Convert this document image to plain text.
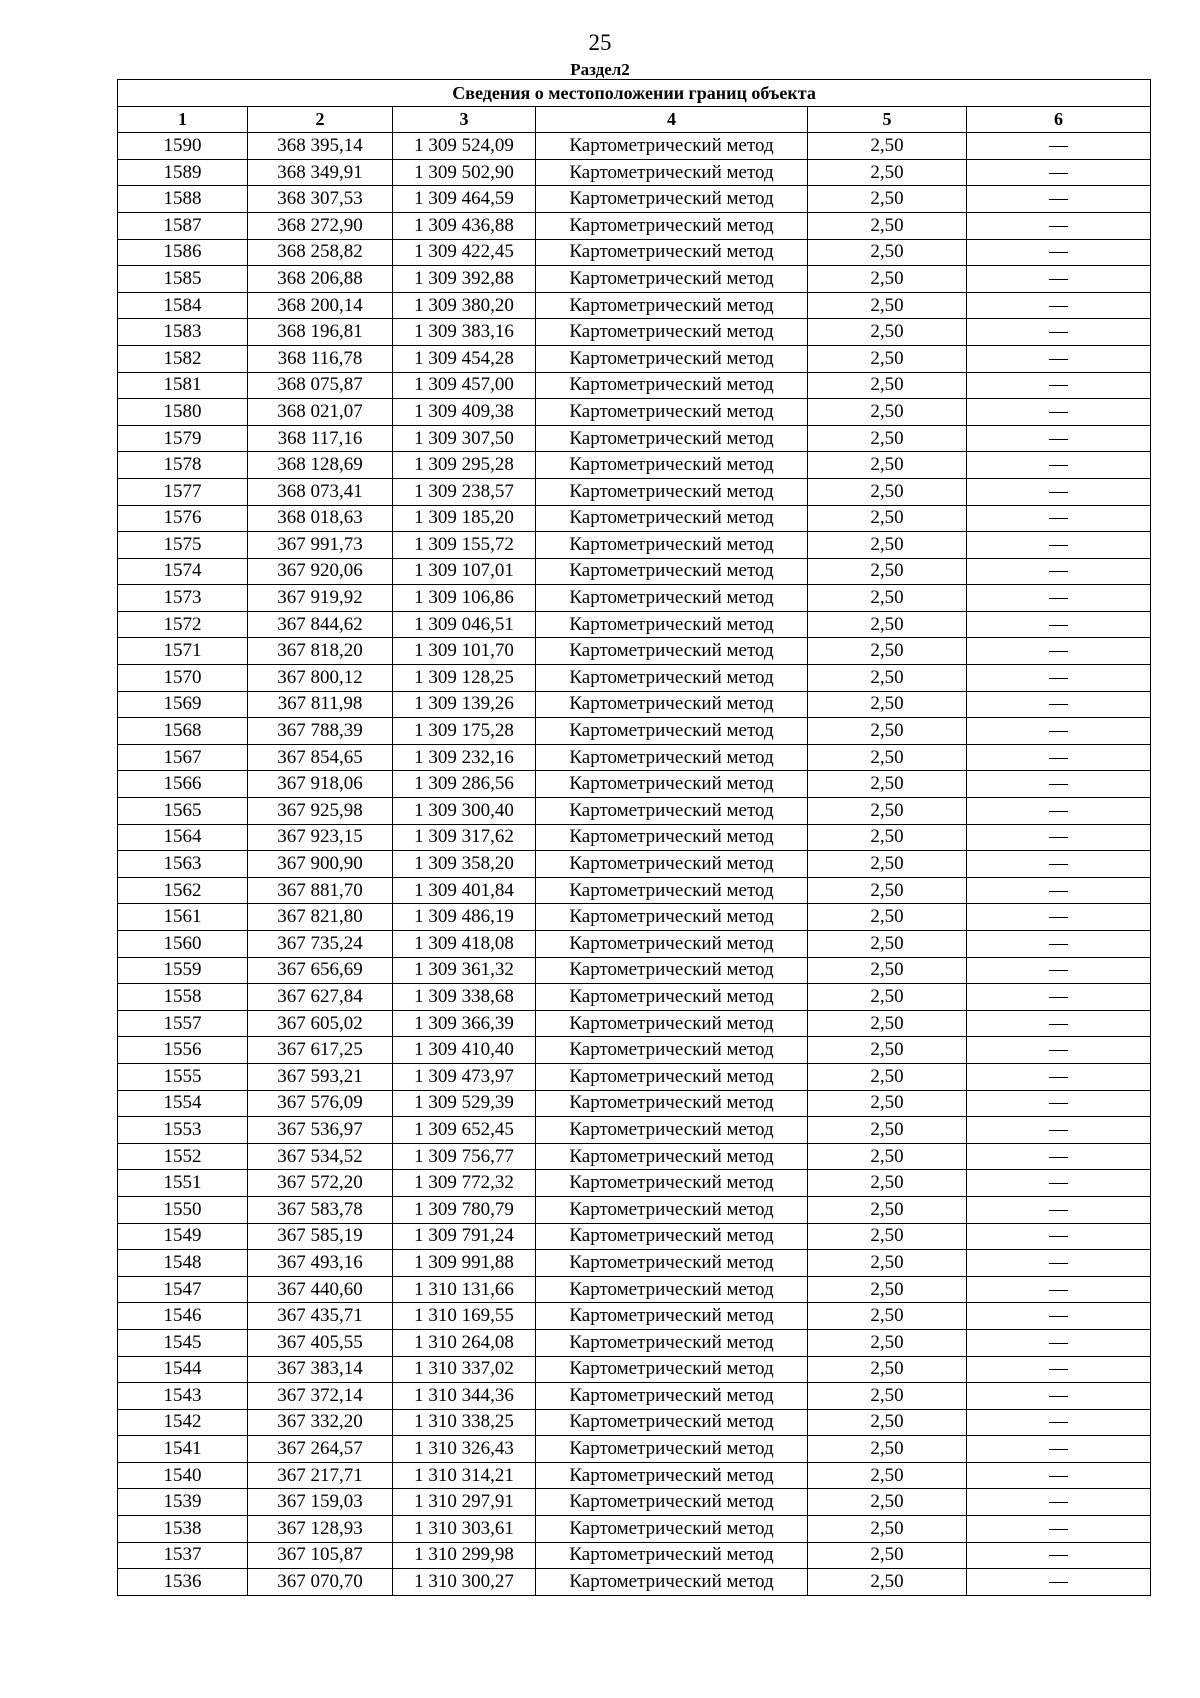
25
Раздел2
Сведения о местоположении границ объекта					
1	2	3	4	5	6
1590	368 395,14	1 309 524,09	Картометрический метод	2,50	—
1589	368 349,91	1 309 502,90	Картометрический метод	2,50	—
1588	368 307,53	1 309 464,59	Картометрический метод	2,50	—
1587	368 272,90	1 309 436,88	Картометрический метод	2,50	—
1586	368 258,82	1 309 422,45	Картометрический метод	2,50	—
1585	368 206,88	1 309 392,88	Картометрический метод	2,50	—
1584	368 200,14	1 309 380,20	Картометрический метод	2,50	—
1583	368 196,81	1 309 383,16	Картометрический метод	2,50	—
1582	368 116,78	1 309 454,28	Картометрический метод	2,50	—
1581	368 075,87	1 309 457,00	Картометрический метод	2,50	—
1580	368 021,07	1 309 409,38	Картометрический метод	2,50	—
1579	368 117,16	1 309 307,50	Картометрический метод	2,50	—
1578	368 128,69	1 309 295,28	Картометрический метод	2,50	—
1577	368 073,41	1 309 238,57	Картометрический метод	2,50	—
1576	368 018,63	1 309 185,20	Картометрический метод	2,50	—
1575	367 991,73	1 309 155,72	Картометрический метод	2,50	—
1574	367 920,06	1 309 107,01	Картометрический метод	2,50	—
1573	367 919,92	1 309 106,86	Картометрический метод	2,50	—
1572	367 844,62	1 309 046,51	Картометрический метод	2,50	—
1571	367 818,20	1 309 101,70	Картометрический метод	2,50	—
1570	367 800,12	1 309 128,25	Картометрический метод	2,50	—
1569	367 811,98	1 309 139,26	Картометрический метод	2,50	—
1568	367 788,39	1 309 175,28	Картометрический метод	2,50	—
1567	367 854,65	1 309 232,16	Картометрический метод	2,50	—
1566	367 918,06	1 309 286,56	Картометрический метод	2,50	—
1565	367 925,98	1 309 300,40	Картометрический метод	2,50	—
1564	367 923,15	1 309 317,62	Картометрический метод	2,50	—
1563	367 900,90	1 309 358,20	Картометрический метод	2,50	—
1562	367 881,70	1 309 401,84	Картометрический метод	2,50	—
1561	367 821,80	1 309 486,19	Картометрический метод	2,50	—
1560	367 735,24	1 309 418,08	Картометрический метод	2,50	—
1559	367 656,69	1 309 361,32	Картометрический метод	2,50	—
1558	367 627,84	1 309 338,68	Картометрический метод	2,50	—
1557	367 605,02	1 309 366,39	Картометрический метод	2,50	—
1556	367 617,25	1 309 410,40	Картометрический метод	2,50	—
1555	367 593,21	1 309 473,97	Картометрический метод	2,50	—
1554	367 576,09	1 309 529,39	Картометрический метод	2,50	—
1553	367 536,97	1 309 652,45	Картометрический метод	2,50	—
1552	367 534,52	1 309 756,77	Картометрический метод	2,50	—
1551	367 572,20	1 309 772,32	Картометрический метод	2,50	—
1550	367 583,78	1 309 780,79	Картометрический метод	2,50	—
1549	367 585,19	1 309 791,24	Картометрический метод	2,50	—
1548	367 493,16	1 309 991,88	Картометрический метод	2,50	—
1547	367 440,60	1 310 131,66	Картометрический метод	2,50	—
1546	367 435,71	1 310 169,55	Картометрический метод	2,50	—
1545	367 405,55	1 310 264,08	Картометрический метод	2,50	—
1544	367 383,14	1 310 337,02	Картометрический метод	2,50	—
1543	367 372,14	1 310 344,36	Картометрический метод	2,50	—
1542	367 332,20	1 310 338,25	Картометрический метод	2,50	—
1541	367 264,57	1 310 326,43	Картометрический метод	2,50	—
1540	367 217,71	1 310 314,21	Картометрический метод	2,50	—
1539	367 159,03	1 310 297,91	Картометрический метод	2,50	—
1538	367 128,93	1 310 303,61	Картометрический метод	2,50	—
1537	367 105,87	1 310 299,98	Картометрический метод	2,50	—
1536	367 070,70	1 310 300,27	Картометрический метод	2,50	—
